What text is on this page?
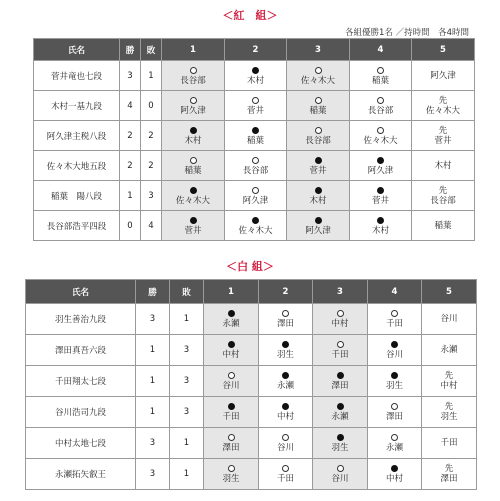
＜紅　組＞
各組優勝1名 ／持時間　各4時間
氏名	勝	敗	1	2	3	4	5
菅井竜也七段	3	1	長谷部	木村	佐々木大	稲葉	阿久津

木村一基九段	4	0	阿久津	菅井	稲葉	長谷部	先
佐々木大

阿久津主税八段	2	2	木村	稲葉	長谷部	佐々木大	先
菅井

佐々木大地五段	2	2	稲葉	長谷部	菅井	阿久津	木村

稲葉　陽八段	1	3	佐々木大	阿久津	木村	菅井	先
長谷部

長谷部浩平四段	0	4	菅井	佐々木大	阿久津	木村	稲葉
＜白 組＞
氏名	勝	敗	1	2	3	4	5
羽生善治九段	3	1	永瀬	澤田	中村	千田	谷川

澤田真吾六段	1	3	中村	羽生	千田	谷川	永瀬

千田翔太七段	1	3	谷川	永瀬	澤田	羽生	先
中村

谷川浩司九段	1	3	千田	中村	永瀬	澤田	先
羽生

中村太地七段	3	1	澤田	谷川	羽生	永瀬	千田

永瀬拓矢叡王	3	1	羽生	千田	谷川	中村	先
澤田
